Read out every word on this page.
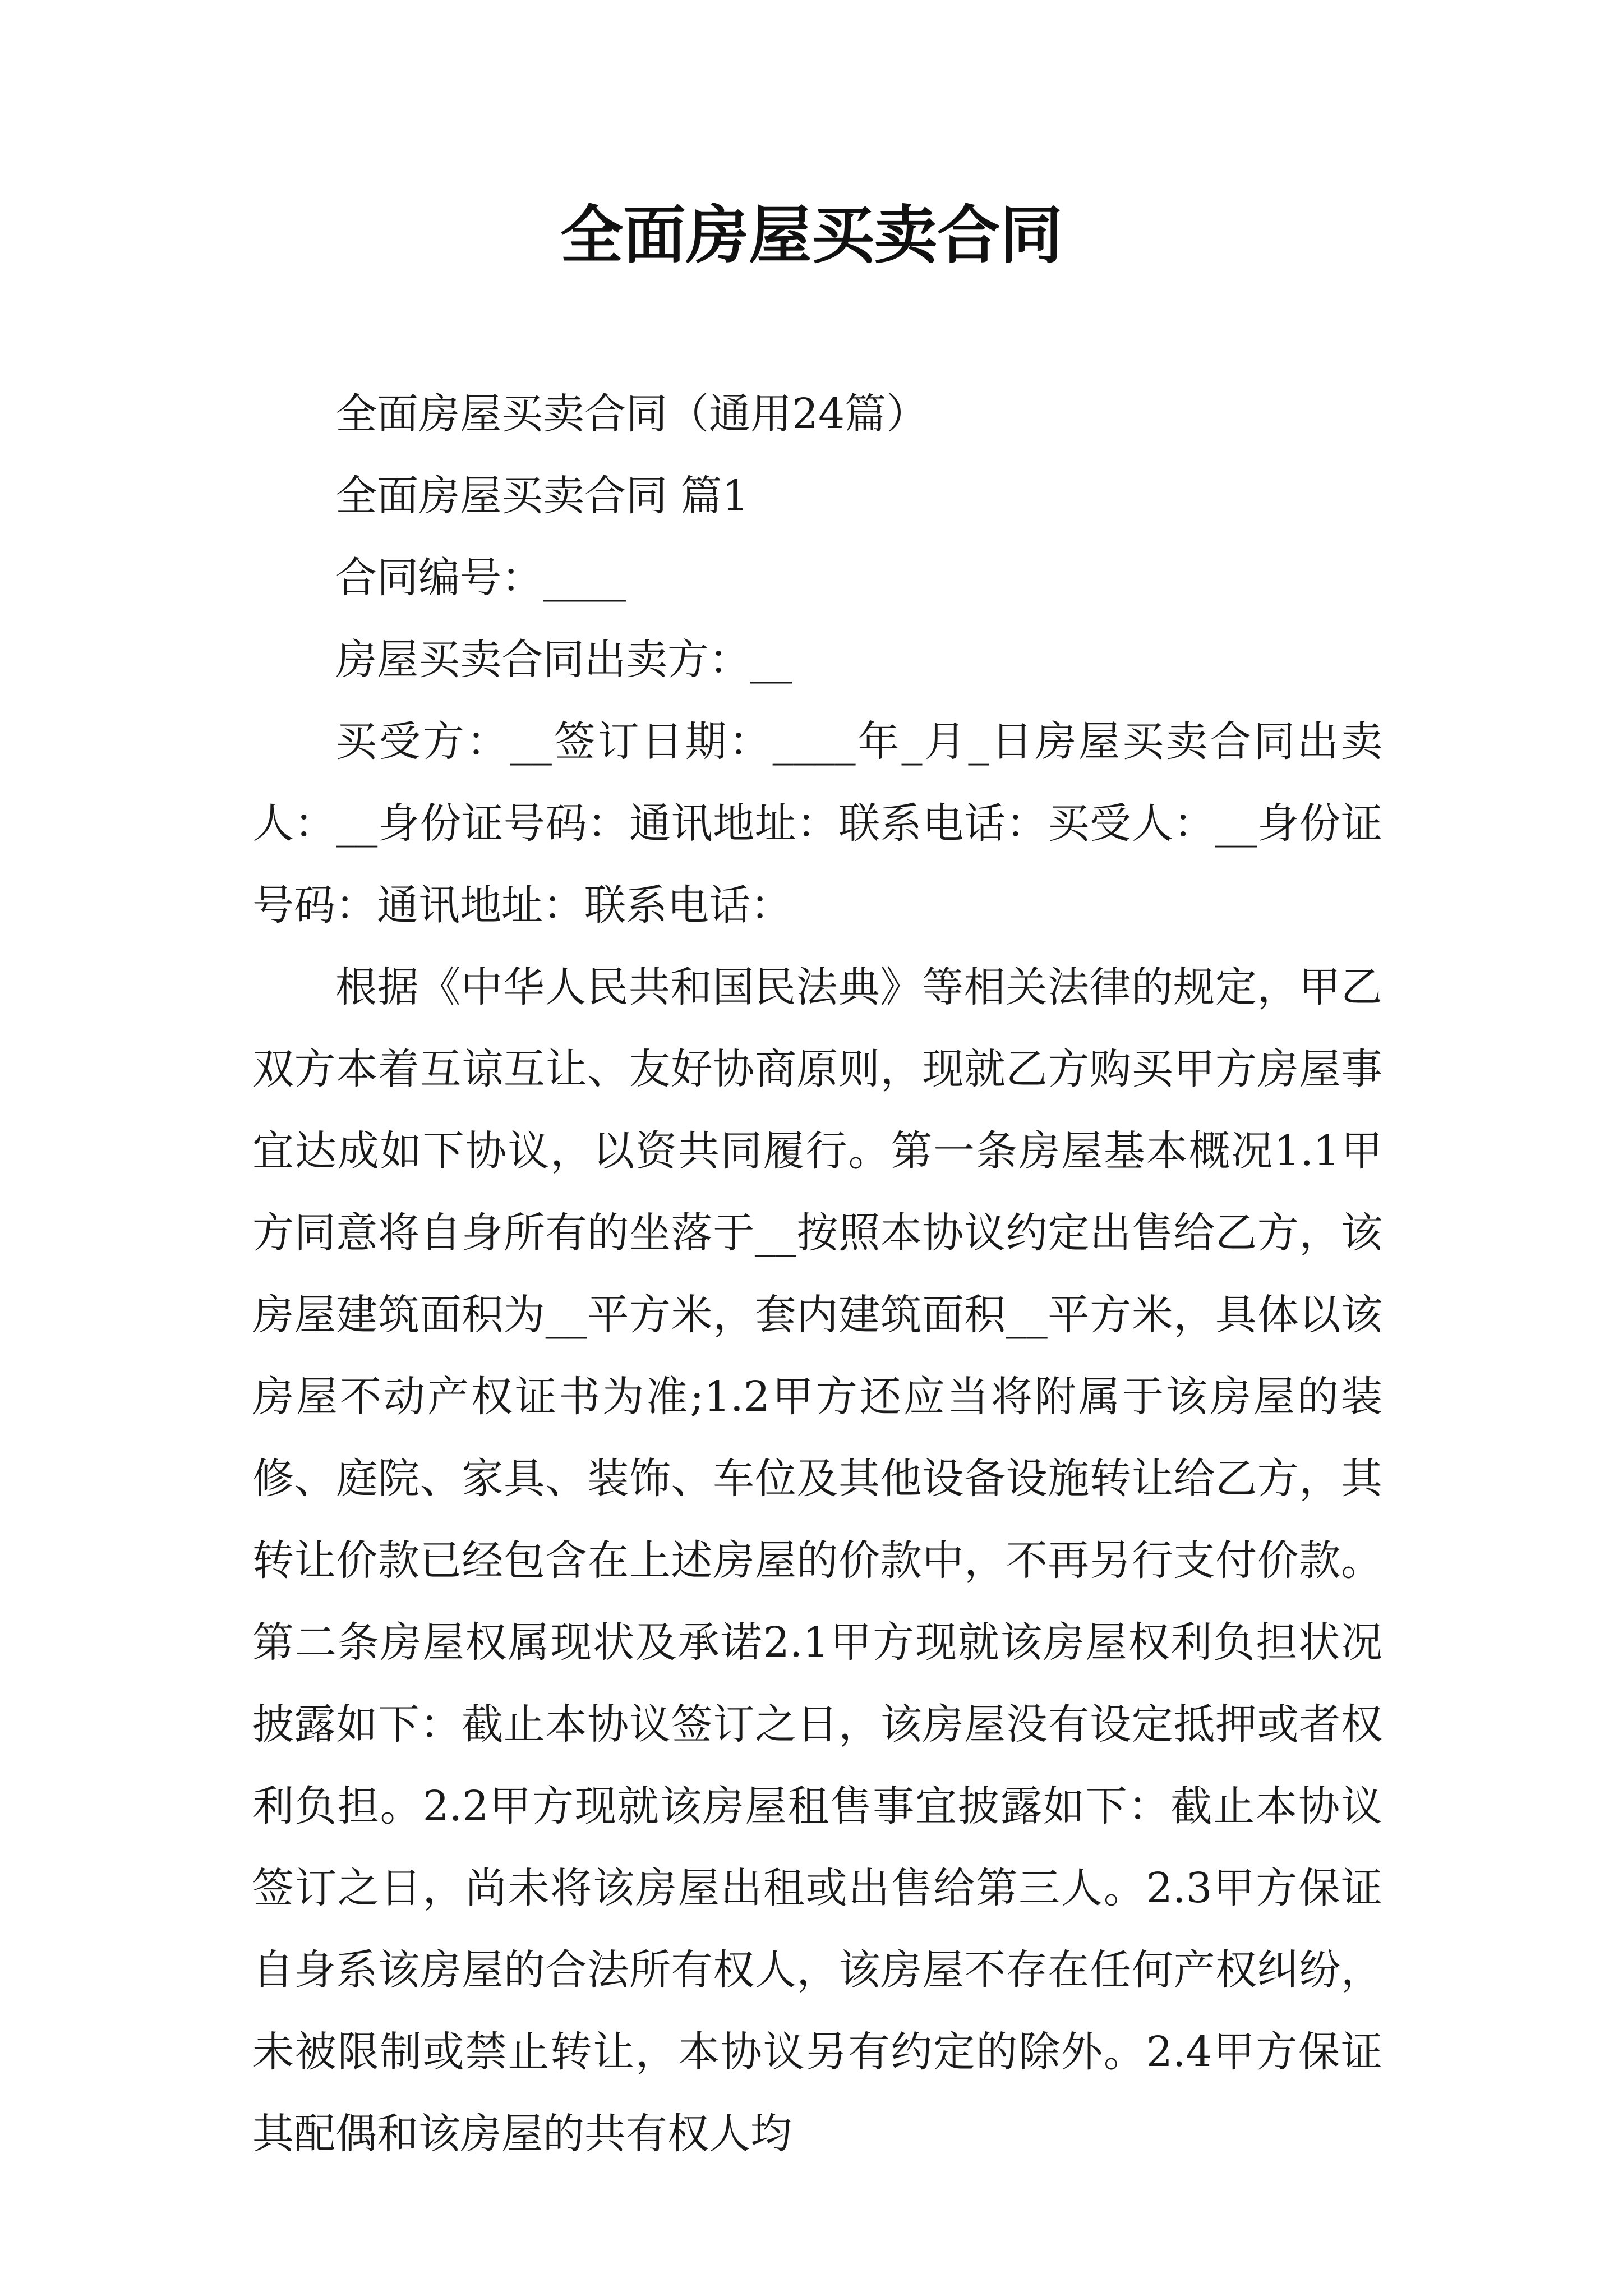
全面房屋买卖合同

全面房屋买卖合同（通用24篇）

全面房屋买卖合同 篇1

合同编号：____

房屋买卖合同出卖方：__

买受方：__签订日期：____年_月_日房屋买卖合同出卖人：__身份证号码：通讯地址：联系电话：买受人：__身份证号码：通讯地址：联系电话：

根据《中华人民共和国民法典》等相关法律的规定，甲乙双方本着互谅互让、友好协商原则，现就乙方购买甲方房屋事宜达成如下协议，以资共同履行。第一条房屋基本概况1.1甲方同意将自身所有的坐落于__按照本协议约定出售给乙方，该房屋建筑面积为__平方米，套内建筑面积__平方米，具体以该房屋不动产权证书为准;1.2甲方还应当将附属于该房屋的装修、庭院、家具、装饰、车位及其他设备设施转让给乙方，其转让价款已经包含在上述房屋的价款中，不再另行支付价款。第二条房屋权属现状及承诺2.1甲方现就该房屋权利负担状况披露如下：截止本协议签订之日，该房屋没有设定抵押或者权利负担。2.2甲方现就该房屋租售事宜披露如下：截止本协议签订之日，尚未将该房屋出租或出售给第三人。2.3甲方保证自身系该房屋的合法所有权人，该房屋不存在任何产权纠纷，未被限制或禁止转让，本协议另有约定的除外。2.4甲方保证其配偶和该房屋的共有权人均
